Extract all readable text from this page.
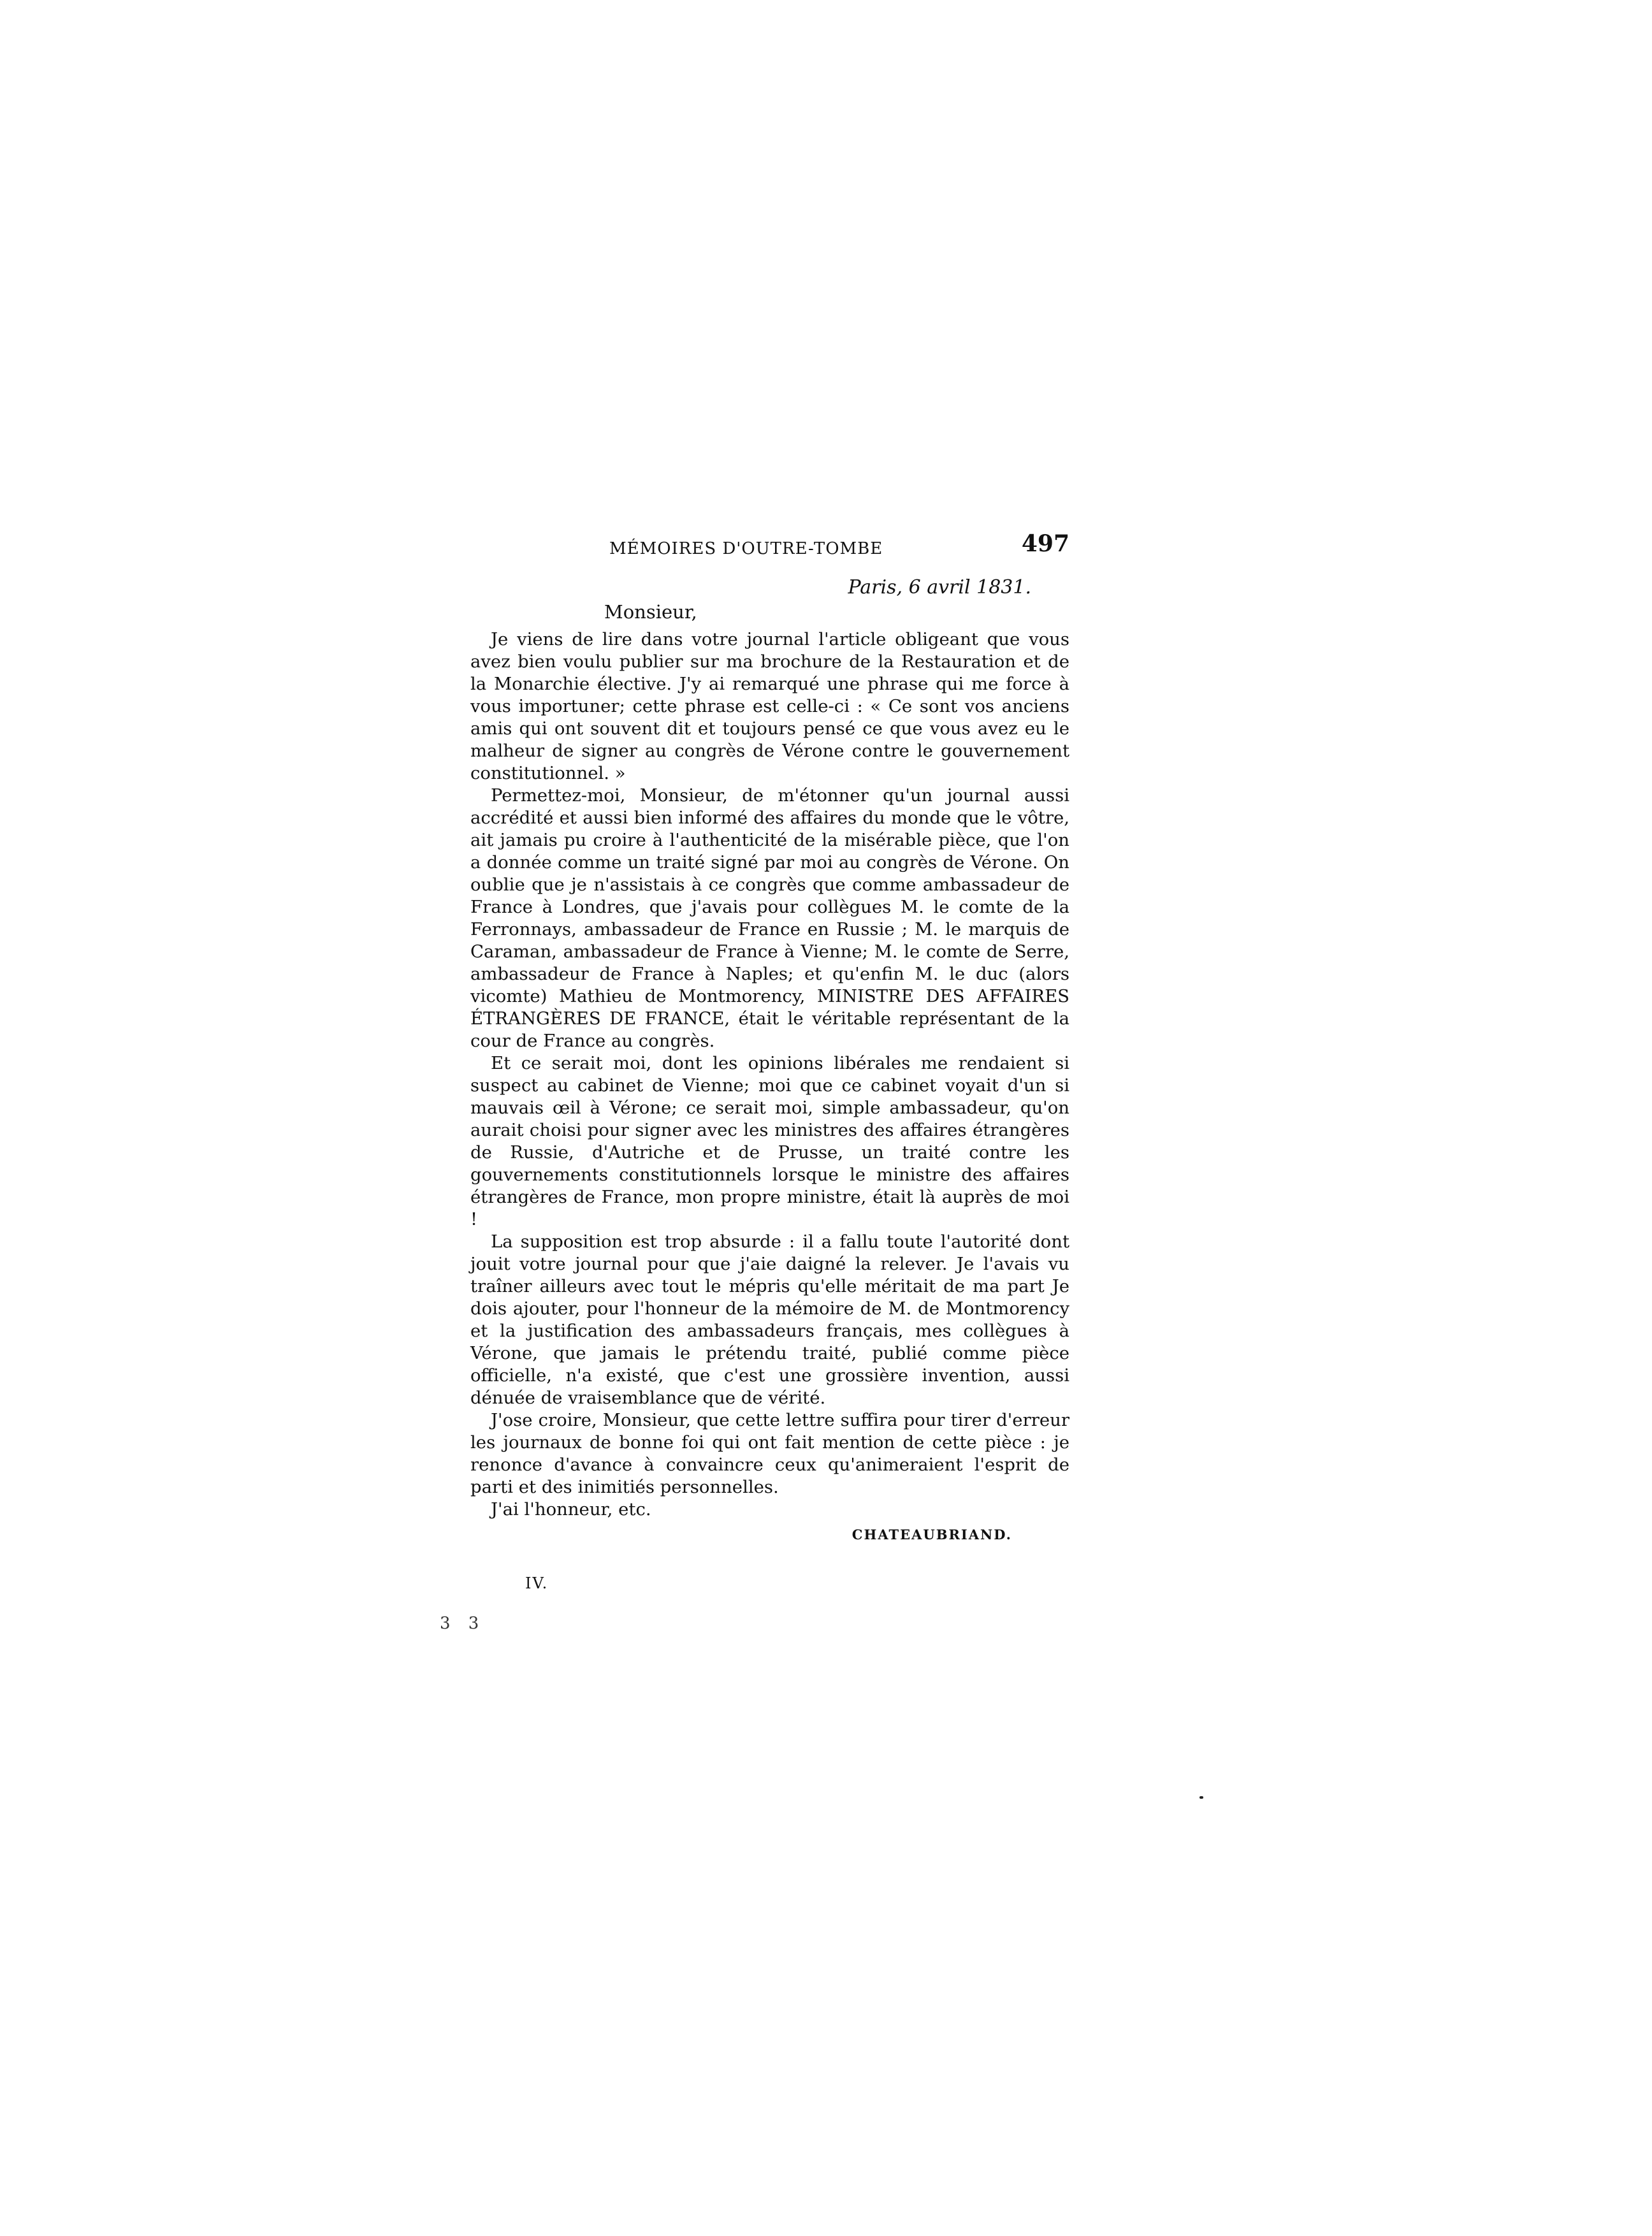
MÉMOIRES D'OUTRE-TOMBE	497
Paris, 6 avril 1831.
Monsieur,

Je viens de lire dans votre journal l'article obligeant que vous avez bien voulu publier sur ma brochure de la Restauration et de la Monarchie élective. J'y ai remarqué une phrase qui me force à vous importuner; cette phrase est celle-ci : « Ce sont vos anciens amis qui ont souvent dit et toujours pensé ce que vous avez eu le malheur de signer au congrès de Vérone contre le gouvernement constitutionnel. »

Permettez-moi, Monsieur, de m'étonner qu'un journal aussi accrédité et aussi bien informé des affaires du monde que le vôtre, ait jamais pu croire à l'authenticité de la misérable pièce, que l'on a donnée comme un traité signé par moi au congrès de Vérone. On oublie que je n'assistais à ce congrès que comme ambassadeur de France à Londres, que j'avais pour collègues M. le comte de la Ferronnays, ambassadeur de France en Russie ; M. le marquis de Caraman, ambassadeur de France à Vienne; M. le comte de Serre, ambassadeur de France à Naples; et qu'enfin M. le duc (alors vicomte) Mathieu de Montmorency, MINISTRE DES AFFAIRES ÉTRANGÈRES DE FRANCE, était le véritable représentant de la cour de France au congrès.

Et ce serait moi, dont les opinions libérales me rendaient si suspect au cabinet de Vienne; moi que ce cabinet voyait d'un si mauvais œil à Vérone; ce serait moi, simple ambassadeur, qu'on aurait choisi pour signer avec les ministres des affaires étrangères de Russie, d'Autriche et de Prusse, un traité contre les gouvernements constitutionnels lorsque le ministre des affaires étrangères de France, mon propre ministre, était là auprès de moi !

La supposition est trop absurde : il a fallu toute l'autorité dont jouit votre journal pour que j'aie daigné la relever. Je l'avais vu traîner ailleurs avec tout le mépris qu'elle méritait de ma part Je dois ajouter, pour l'honneur de la mémoire de M. de Montmorency et la justification des ambassadeurs français, mes collègues à Vérone, que jamais le prétendu traité, publié comme pièce officielle, n'a existé, que c'est une grossière invention, aussi dénuée de vraisemblance que de vérité.

J'ose croire, Monsieur, que cette lettre suffira pour tirer d'erreur les journaux de bonne foi qui ont fait mention de cette pièce : je renonce d'avance à convaincre ceux qu'animeraient l'esprit de parti et des inimitiés personnelles.

J'ai l'honneur, etc.

CHATEAUBRIAND.
IV.
3 3
